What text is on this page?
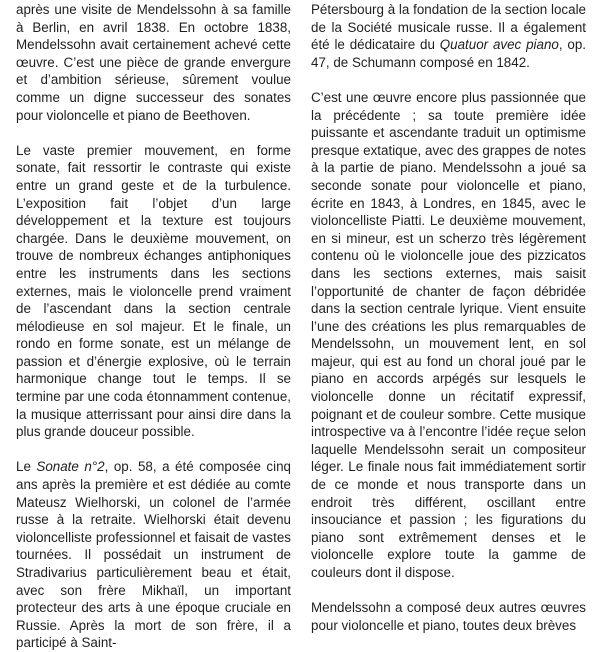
après une visite de Mendelssohn à sa famille à Berlin, en avril 1838. En octobre 1838, Mendelssohn avait certainement achevé cette œuvre. C’est une pièce de grande envergure et d’ambition sérieuse, sûrement voulue comme un digne successeur des sonates pour violoncelle et piano de Beethoven.

Le vaste premier mouvement, en forme sonate, fait ressortir le contraste qui existe entre un grand geste et de la turbulence. L’exposition fait l’objet d’un large développement et la texture est toujours chargée. Dans le deuxième mouvement, on trouve de nombreux échanges antiphoniques entre les instruments dans les sections externes, mais le violoncelle prend vraiment de l’ascendant dans la section centrale mélodieuse en sol majeur. Et le finale, un rondo en forme sonate, est un mélange de passion et d’énergie explosive, où le terrain harmonique change tout le temps. Il se termine par une coda étonnamment contenue, la musique atterrissant pour ainsi dire dans la plus grande douceur possible.

Le Sonate n°2, op. 58, a été composée cinq ans après la première et est dédiée au comte Mateusz Wielhorski, un colonel de l’armée russe à la retraite. Wielhorski était devenu violoncelliste professionnel et faisait de vastes tournées. Il possédait un instrument de Stradivarius particulièrement beau et était, avec son frère Mikhaïl, un important protecteur des arts à une époque cruciale en Russie. Après la mort de son frère, il a participé à Saint-

Pétersbourg à la fondation de la section locale de la Société musicale russe. Il a également été le dédicataire du Quatuor avec piano, op. 47, de Schumann composé en 1842.

C’est une œuvre encore plus passionnée que la précédente ; sa toute première idée puissante et ascendante traduit un optimisme presque extatique, avec des grappes de notes à la partie de piano. Mendelssohn a joué sa seconde sonate pour violoncelle et piano, écrite en 1843, à Londres, en 1845, avec le violoncelliste Piatti. Le deuxième mouvement, en si mineur, est un scherzo très légèrement contenu où le violoncelle joue des pizzicatos dans les sections externes, mais saisit l’opportunité de chanter de façon débridée dans la section centrale lyrique. Vient ensuite l’une des créations les plus remarquables de Mendelssohn, un mouvement lent, en sol majeur, qui est au fond un choral joué par le piano en accords arpégés sur lesquels le violoncelle donne un récitatif expressif, poignant et de couleur sombre. Cette musique introspective va à l’encontre l’idée reçue selon laquelle Mendelssohn serait un compositeur léger. Le finale nous fait immédiatement sortir de ce monde et nous transporte dans un endroit très différent, oscillant entre insouciance et passion ; les figurations du piano sont extrêmement denses et le violoncelle explore toute la gamme de couleurs dont il dispose.

Mendelssohn a composé deux autres œuvres pour violoncelle et piano, toutes deux brèves
